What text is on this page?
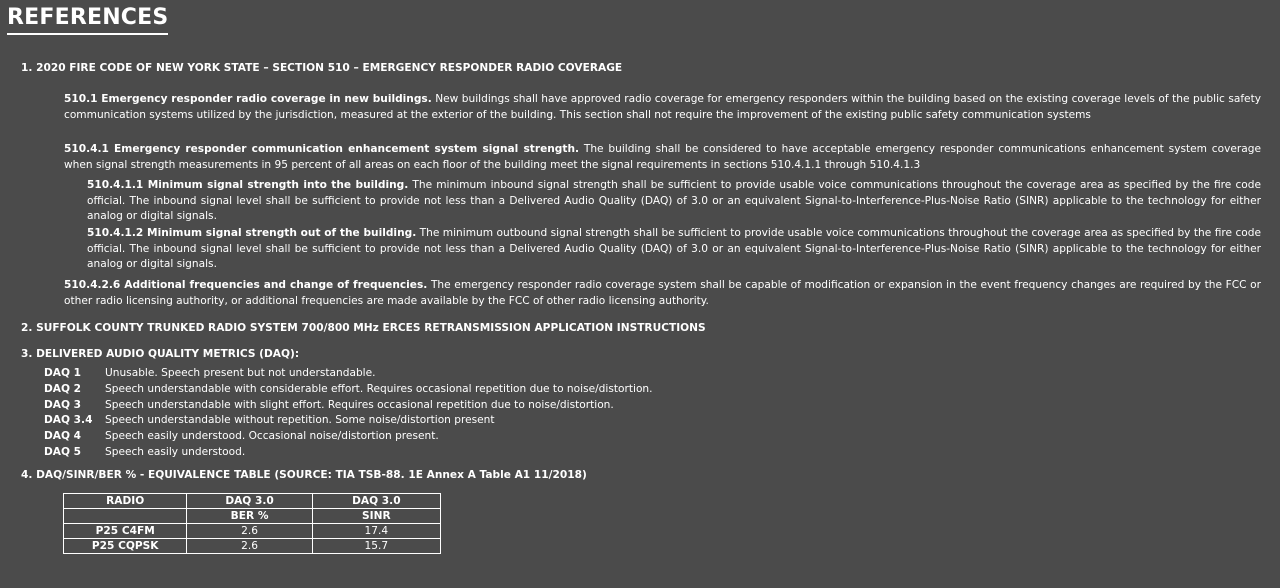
REFERENCES
1. 2020 FIRE CODE OF NEW YORK STATE – SECTION 510 – EMERGENCY RESPONDER RADIO COVERAGE
510.1 Emergency responder radio coverage in new buildings. New buildings shall have approved radio coverage for emergency responders within the building based on the existing coverage levels of the public safety communication systems utilized by the jurisdiction, measured at the exterior of the building. This section shall not require the improvement of the existing public safety communication systems
510.4.1 Emergency responder communication enhancement system signal strength. The building shall be considered to have acceptable emergency responder communications enhancement system coverage when signal strength measurements in 95 percent of all areas on each floor of the building meet the signal requirements in sections 510.4.1.1 through 510.4.1.3
510.4.1.1 Minimum signal strength into the building. The minimum inbound signal strength shall be sufficient to provide usable voice communications throughout the coverage area as specified by the fire code official. The inbound signal level shall be sufficient to provide not less than a Delivered Audio Quality (DAQ) of 3.0 or an equivalent Signal-to-Interference-Plus-Noise Ratio (SINR) applicable to the technology for either analog or digital signals.
510.4.1.2 Minimum signal strength out of the building. The minimum outbound signal strength shall be sufficient to provide usable voice communications throughout the coverage area as specified by the fire code official. The inbound signal level shall be sufficient to provide not less than a Delivered Audio Quality (DAQ) of 3.0 or an equivalent Signal-to-Interference-Plus-Noise Ratio (SINR) applicable to the technology for either analog or digital signals.
510.4.2.6 Additional frequencies and change of frequencies. The emergency responder radio coverage system shall be capable of modification or expansion in the event frequency changes are required by the FCC or other radio licensing authority, or additional frequencies are made available by the FCC of other radio licensing authority.
2. SUFFOLK COUNTY TRUNKED RADIO SYSTEM 700/800 MHz ERCES RETRANSMISSION APPLICATION INSTRUCTIONS
3. DELIVERED AUDIO QUALITY METRICS (DAQ):
DAQ 1	Unusable. Speech present but not understandable.
DAQ 2	Speech understandable with considerable effort. Requires occasional repetition due to noise/distortion.
DAQ 3	Speech understandable with slight effort. Requires occasional repetition due to noise/distortion.
DAQ 3.4	Speech understandable without repetition. Some noise/distortion present
DAQ 4	Speech easily understood. Occasional noise/distortion present.
DAQ 5	Speech easily understood.
4. DAQ/SINR/BER % - EQUIVALENCE TABLE (SOURCE: TIA TSB-88. 1E Annex A Table A1 11/2018)
RADIO	DAQ 3.0	DAQ 3.0
	BER %	SINR
P25 C4FM	2.6	17.4
P25 CQPSK	2.6	15.7
